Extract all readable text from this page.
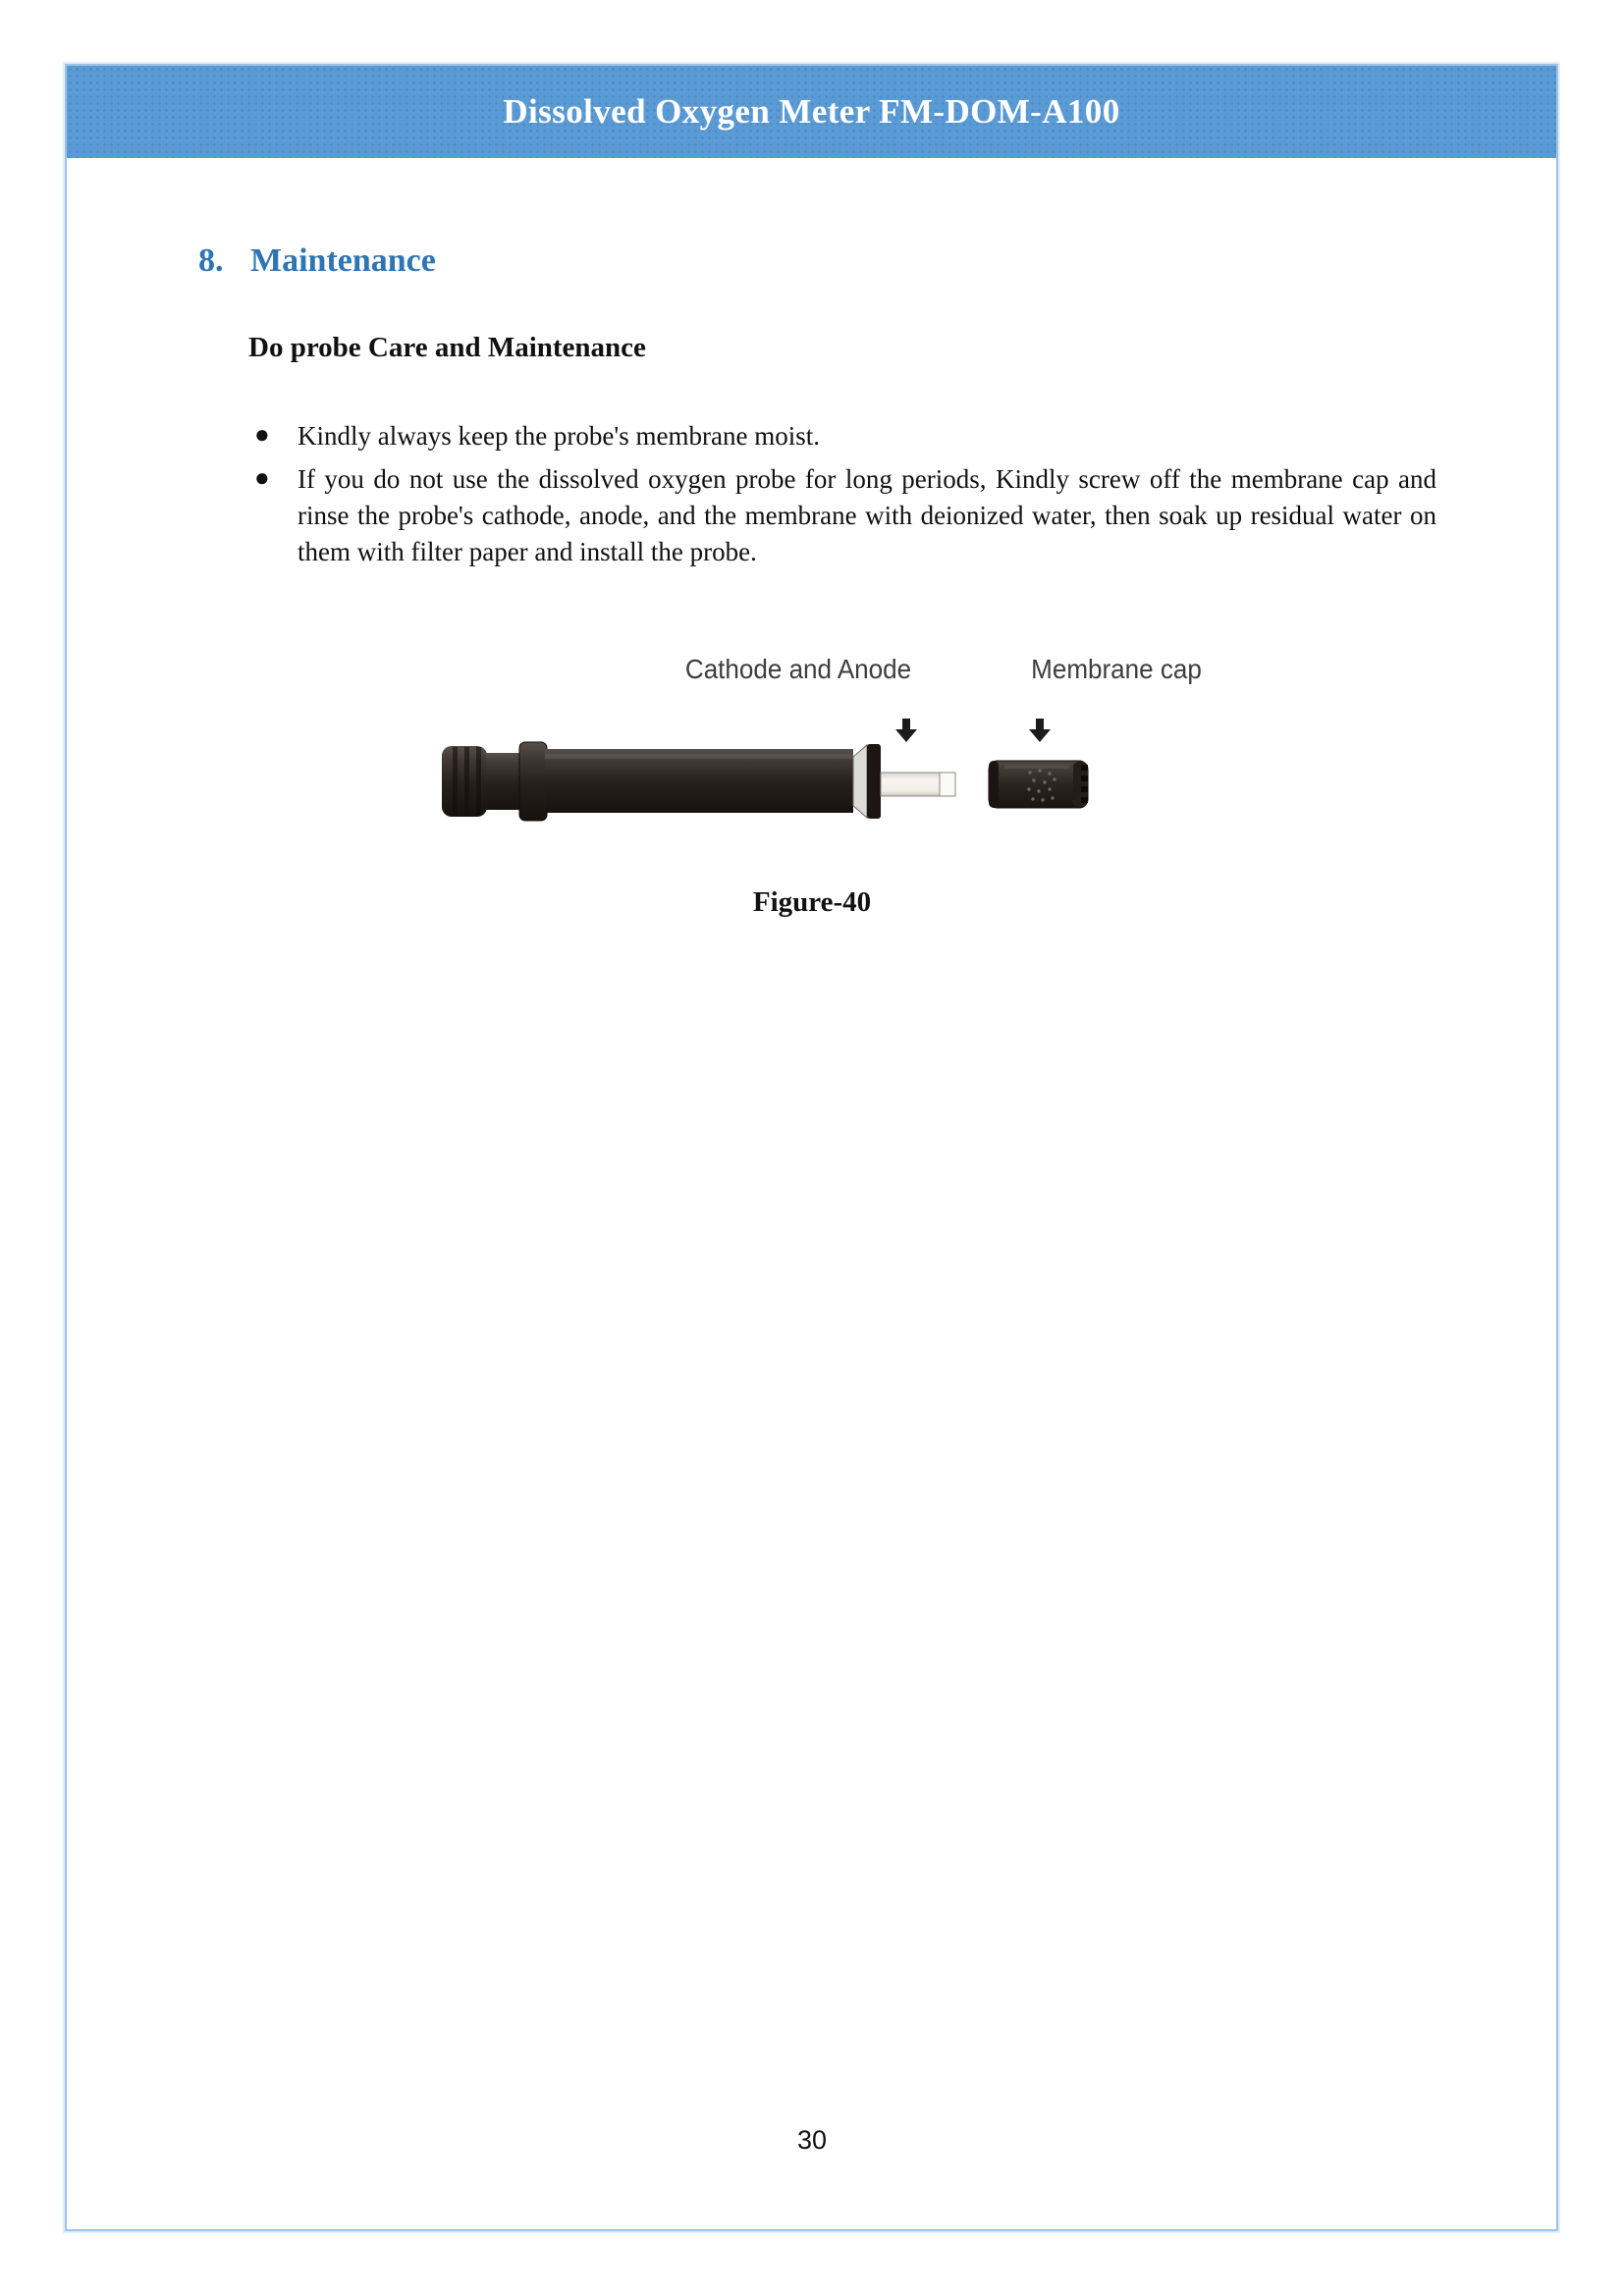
Dissolved Oxygen Meter FM-DOM-A100
8. Maintenance
Do probe Care and Maintenance
● Kindly always keep the probe's membrane moist.
● If you do not use the dissolved oxygen probe for long periods, Kindly screw off the membrane cap and rinse the probe's cathode, anode, and the membrane with deionized water, then soak up residual water on them with filter paper and install the probe.
Cathode and Anode	Membrane cap
Figure-40
30
